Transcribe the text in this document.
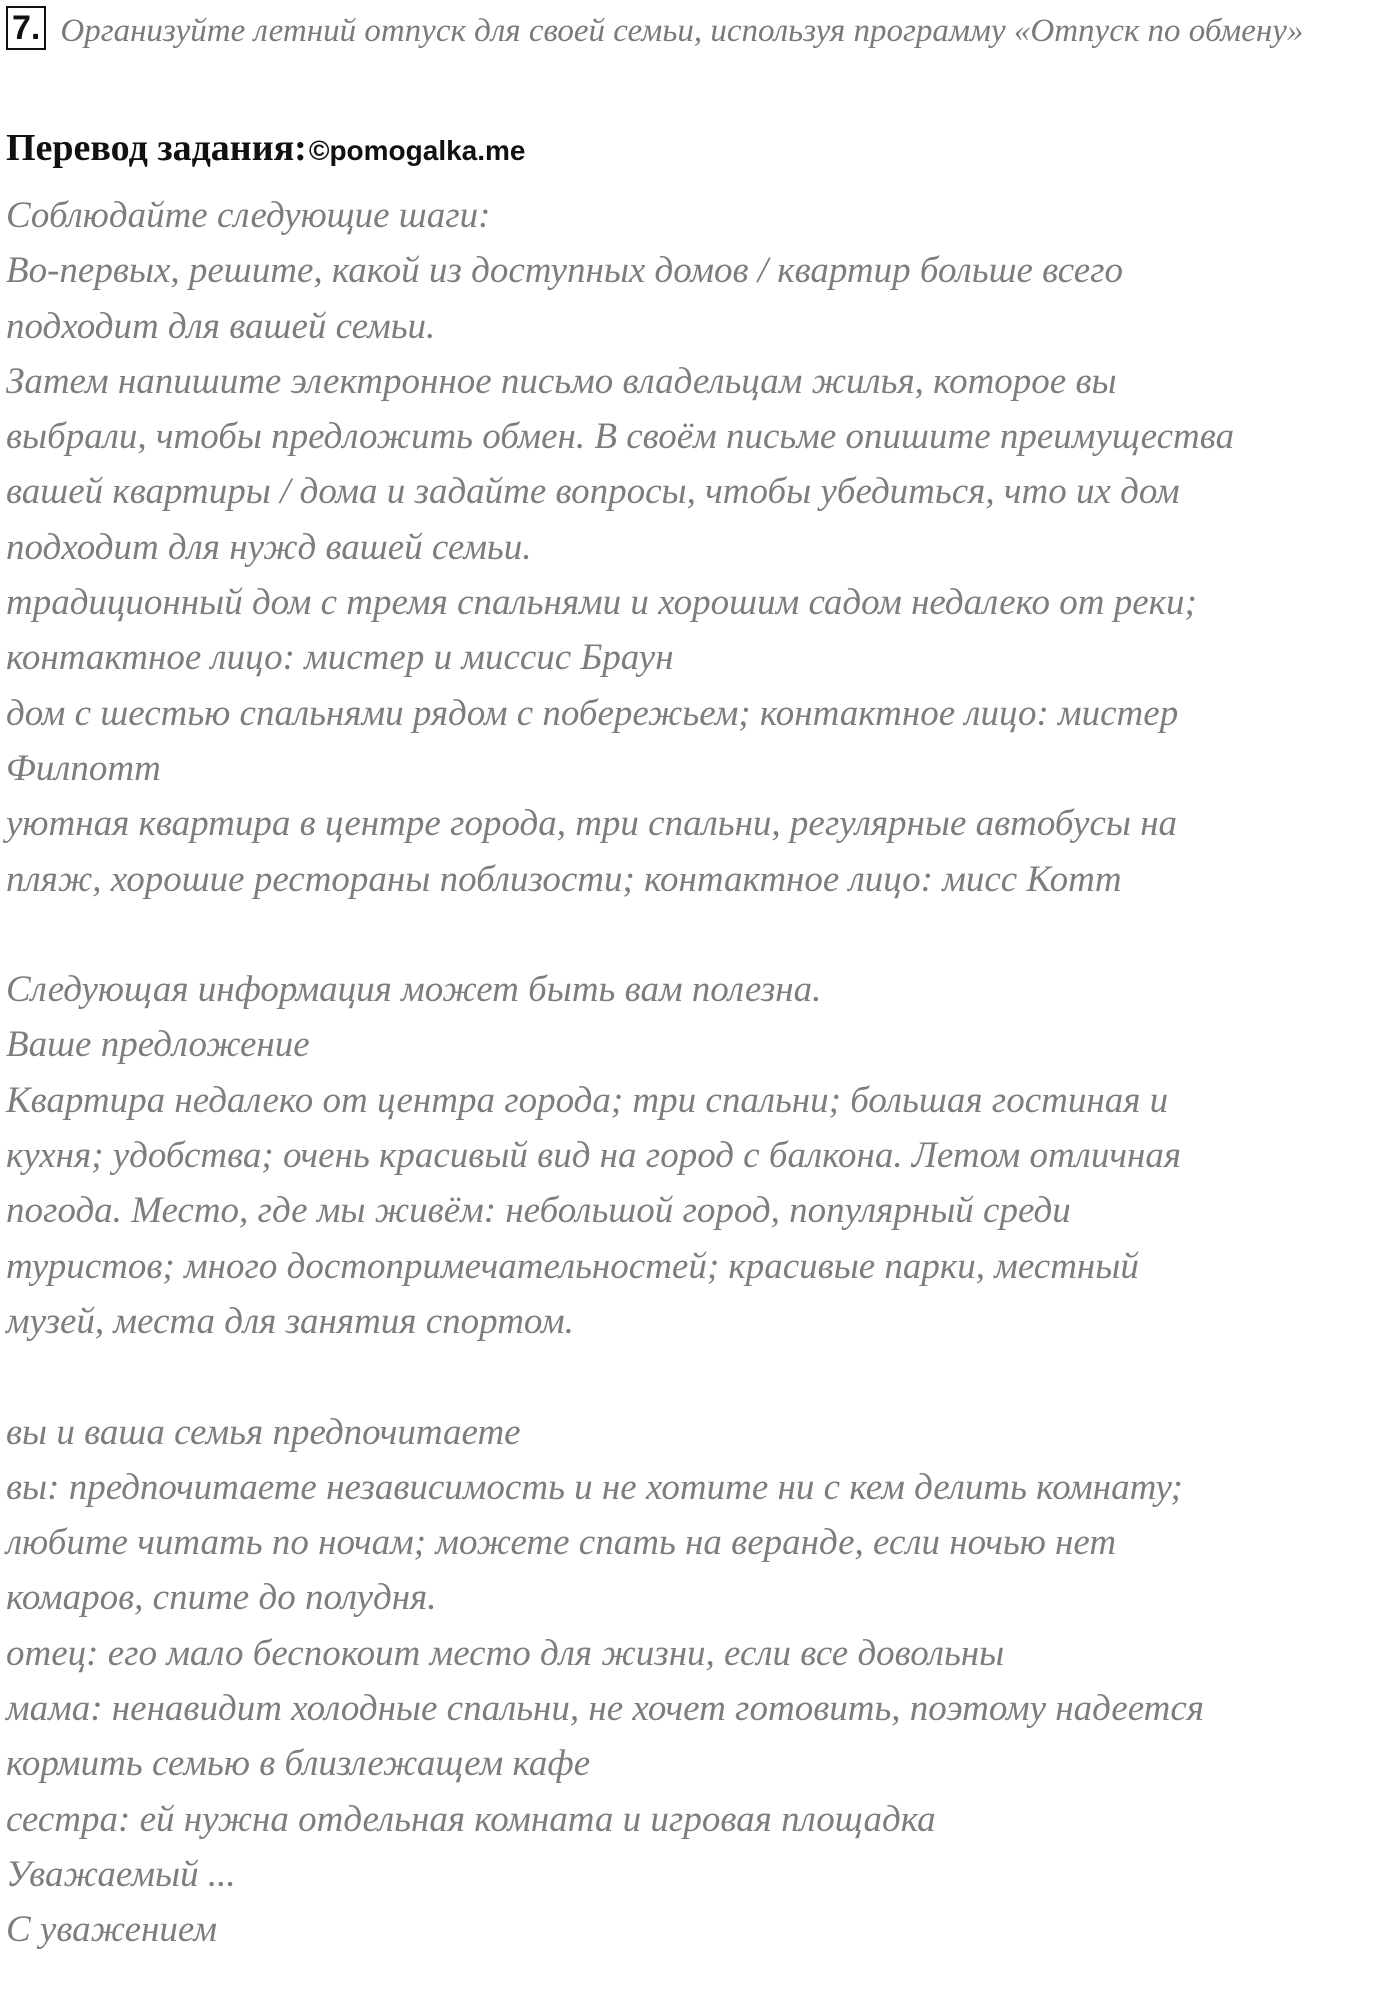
7. Организуйте летний отпуск для своей семьи, используя программу «Отпуск по обмену»
Перевод задания: ©pomogalka.me
Соблюдайте следующие шаги:
Во-первых, решите, какой из доступных домов / квартир больше всего
подходит для вашей семьи.
Затем напишите электронное письмо владельцам жилья, которое вы
выбрали, чтобы предложить обмен. В своём письме опишите преимущества
вашей квартиры / дома и задайте вопросы, чтобы убедиться, что их дом
подходит для нужд вашей семьи.
традиционный дом с тремя спальнями и хорошим садом недалеко от реки;
контактное лицо: мистер и миссис Браун
дом с шестью спальнями рядом с побережьем; контактное лицо: мистер
Филпотт
уютная квартира в центре города, три спальни, регулярные автобусы на
пляж, хорошие рестораны поблизости; контактное лицо: мисс Котт
Следующая информация может быть вам полезна.
Ваше предложение
Квартира недалеко от центра города; три спальни; большая гостиная и
кухня; удобства; очень красивый вид на город с балкона. Летом отличная
погода. Место, где мы живём: небольшой город, популярный среди
туристов; много достопримечательностей; красивые парки, местный
музей, места для занятия спортом.
вы и ваша семья предпочитаете
вы: предпочитаете независимость и не хотите ни с кем делить комнату;
любите читать по ночам; можете спать на веранде, если ночью нет
комаров, спите до полудня.
отец: его мало беспокоит место для жизни, если все довольны
мама: ненавидит холодные спальни, не хочет готовить, поэтому надеется
кормить семью в близлежащем кафе
сестра: ей нужна отдельная комната и игровая площадка
Уважаемый ...
С уважением
